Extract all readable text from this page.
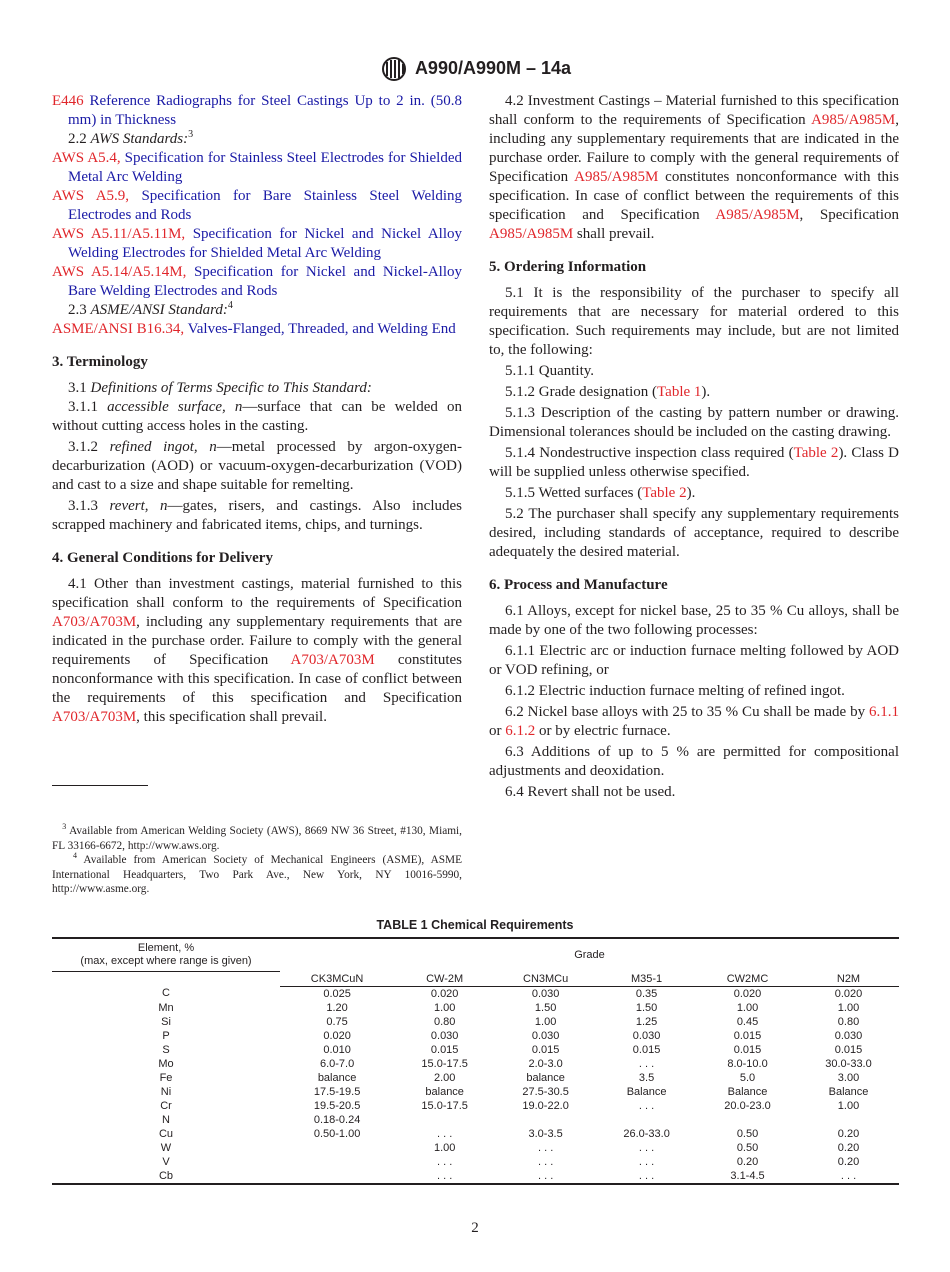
A990/A990M – 14a
E446 Reference Radiographs for Steel Castings Up to 2 in. (50.8 mm) in Thickness
2.2 AWS Standards:$^3$
AWS A5.4, Specification for Stainless Steel Electrodes for Shielded Metal Arc Welding
AWS A5.9, Specification for Bare Stainless Steel Welding Electrodes and Rods
AWS A5.11/A5.11M, Specification for Nickel and Nickel Alloy Welding Electrodes for Shielded Metal Arc Welding
AWS A5.14/A5.14M, Specification for Nickel and Nickel-Alloy Bare Welding Electrodes and Rods
2.3 ASME/ANSI Standard:$^4$
ASME/ANSI B16.34, Valves-Flanged, Threaded, and Welding End
3. Terminology
3.1 Definitions of Terms Specific to This Standard:
3.1.1 accessible surface, n—surface that can be welded on without cutting access holes in the casting.
3.1.2 refined ingot, n—metal processed by argon-oxygen-decarburization (AOD) or vacuum-oxygen-decarburization (VOD) and cast to a size and shape suitable for remelting.
3.1.3 revert, n—gates, risers, and castings. Also includes scrapped machinery and fabricated items, chips, and turnings.
4. General Conditions for Delivery
4.1 Other than investment castings, material furnished to this specification shall conform to the requirements of Specification A703/A703M, including any supplementary requirements that are indicated in the purchase order. Failure to comply with the general requirements of Specification A703/A703M constitutes nonconformance with this specification. In case of conflict between the requirements of this specification and Specification A703/A703M, this specification shall prevail.
4.2 Investment Castings – Material furnished to this specification shall conform to the requirements of Specification A985/A985M, including any supplementary requirements that are indicated in the purchase order. Failure to comply with the general requirements of Specification A985/A985M constitutes nonconformance with this specification. In case of conflict between the requirements of this specification and Specification A985/A985M, Specification A985/A985M shall prevail.
5. Ordering Information
5.1 It is the responsibility of the purchaser to specify all requirements that are necessary for material ordered to this specification. Such requirements may include, but are not limited to, the following:
5.1.1 Quantity.
5.1.2 Grade designation (Table 1).
5.1.3 Description of the casting by pattern number or drawing. Dimensional tolerances should be included on the casting drawing.
5.1.4 Nondestructive inspection class required (Table 2). Class D will be supplied unless otherwise specified.
5.1.5 Wetted surfaces (Table 2).
5.2 The purchaser shall specify any supplementary requirements desired, including standards of acceptance, required to describe adequately the desired material.
6. Process and Manufacture
6.1 Alloys, except for nickel base, 25 to 35 % Cu alloys, shall be made by one of the two following processes:
6.1.1 Electric arc or induction furnace melting followed by AOD or VOD refining, or
6.1.2 Electric induction furnace melting of refined ingot.
6.2 Nickel base alloys with 25 to 35 % Cu shall be made by 6.1.1 or 6.1.2 or by electric furnace.
6.3 Additions of up to 5 % are permitted for compositional adjustments and deoxidation.
6.4 Revert shall not be used.
$^3$ Available from American Welding Society (AWS), 8669 NW 36 Street, #130, Miami, FL 33166-6672, http://www.aws.org.
$^4$ Available from American Society of Mechanical Engineers (ASME), ASME International Headquarters, Two Park Ave., New York, NY 10016-5990, http://www.asme.org.
TABLE 1 Chemical Requirements
Element, %
(max, except where range is given)	Grade					
	CK3MCuN	CW-2M	CN3MCu	M35-1	CW2MC	N2M
C	0.025	0.020	0.030	0.35	0.020	0.020
Mn	1.20	1.00	1.50	1.50	1.00	1.00
Si	0.75	0.80	1.00	1.25	0.45	0.80
P	0.020	0.030	0.030	0.030	0.015	0.030
S	0.010	0.015	0.015	0.015	0.015	0.015
Mo	6.0-7.0	15.0-17.5	2.0-3.0	. . .	8.0-10.0	30.0-33.0
Fe	balance	2.00	balance	3.5	5.0	3.00
Ni	17.5-19.5	balance	27.5-30.5	Balance	Balance	Balance
Cr	19.5-20.5	15.0-17.5	19.0-22.0	. . .	20.0-23.0	1.00
N	0.18-0.24					
Cu	0.50-1.00	. . .	3.0-3.5	26.0-33.0	0.50	0.20
W		1.00	. . .	. . .	0.50	0.20
V		. . .	. . .	. . .	0.20	0.20
Cb		. . .	. . .	. . .	3.1-4.5	. . .
2
